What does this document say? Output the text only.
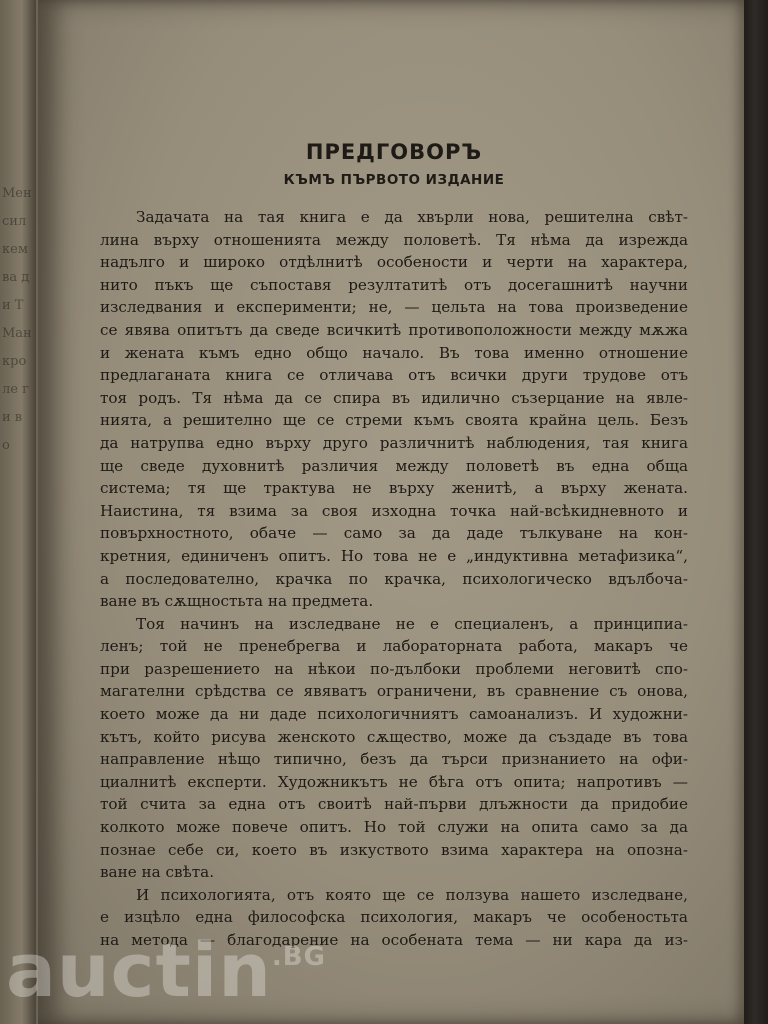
Мен сил кем ва ди Т Ман кро ле ги в о
ПРЕДГОВОРЪ
КЪМЪ ПЪРВОТО ИЗДАНИЕ

Задачата на тая книга е да хвърли нова, решителна свѣт-
лина върху отношенията между половетѣ. Тя нѣма да изрежда
надълго и широко отдѣлнитѣ особености и черти на характера,
нито пъкъ ще съпоставя резултатитѣ отъ досегашнитѣ научни
изследвания и експерименти; не, — цельта на това произведение
се явява опитътъ да сведе всичкитѣ противоположности между мѫжа
и жената къмъ едно общо начало. Въ това именно отношение
предлаганата книга се отличава отъ всички други трудове отъ
тоя родъ. Тя нѣма да се спира въ идилично съзерцание на явле-
нията, а решително ще се стреми къмъ своята крайна цель. Безъ
да натрупва едно върху друго различнитѣ наблюдения, тая книга
ще сведе духовнитѣ различия между половетѣ въ една обща
система; тя ще трактува не върху женитѣ, а върху жената.
Наистина, тя взима за своя изходна точка най-всѣкидневното и
повърхностното, обаче — само за да даде тълкуване на кон-
кретния, единиченъ опитъ. Но това не е „индуктивна метафизика“,
а последователно, крачка по крачка, психологическо вдълбоча-
ване въ сѫщностьта на предмета.

Тоя начинъ на изследване не е специаленъ, а принципиа-
ленъ; той не пренебрегва и лабораторната работа, макаръ че
при разрешението на нѣкои по-дълбоки проблеми неговитѣ спо-
магателни срѣдства се явяватъ ограничени, въ сравнение съ онова,
което може да ни даде психологичниятъ самоанализъ. И художни-
кътъ, който рисува женското сѫщество, може да създаде въ това
направление нѣщо типично, безъ да търси признанието на офи-
циалнитѣ експерти. Художникътъ не бѣга отъ опита; напротивъ —
той счита за една отъ своитѣ най-първи длъжности да придобие
колкото може повече опитъ. Но той служи на опита само за да
познае себе си, което въ изкуството взима характера на опозна-
ване на свѣта.

И психологията, отъ която ще се ползува нашето изследване,
е изцѣло една философска психология, макаръ че особеностьта
на метода — благодарение на особената тема — ни кара да из-

auctin$^{.BG}$
